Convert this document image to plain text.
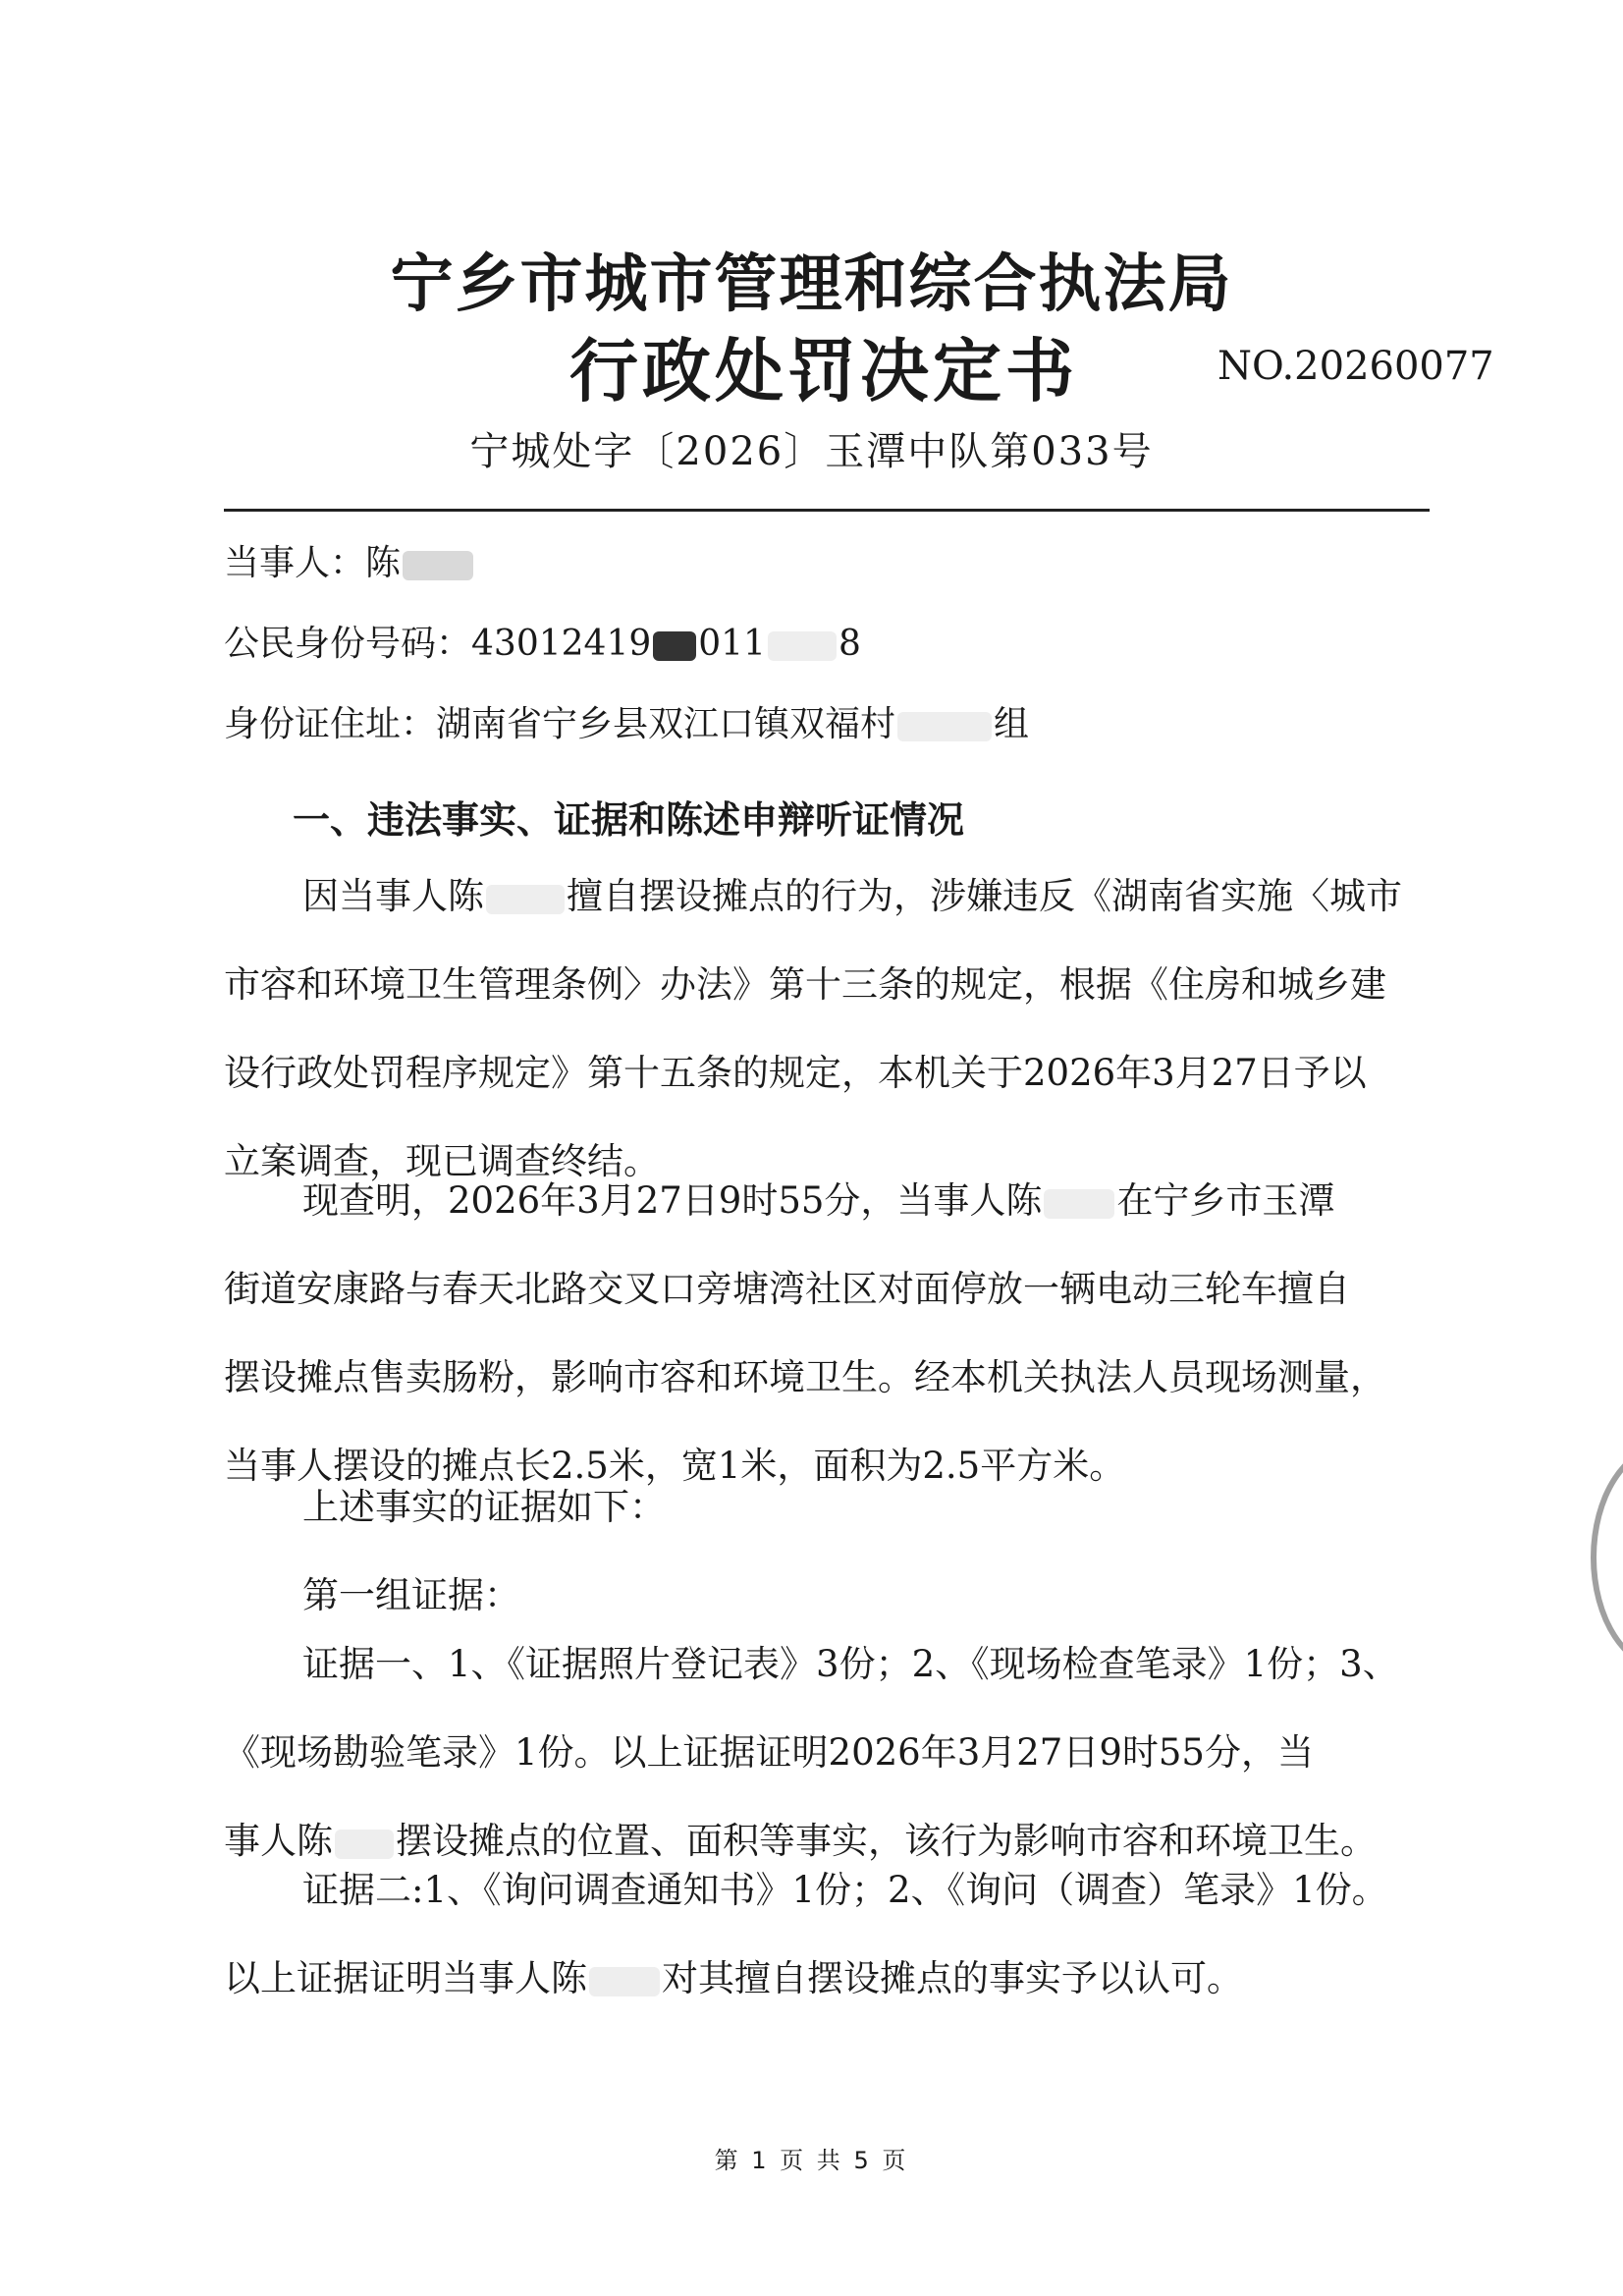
宁乡市城市管理和综合执法局
行政处罚决定书	NO.20260077
宁城处字〔2026〕玉潭中队第033号
当事人：陈
公民身份号码：43012419 011 8
身份证住址：湖南省宁乡县双江口镇双福村	组
一、违法事实、证据和陈述申辩听证情况
因当事人陈 擅自摆设摊点的行为，涉嫌违反《湖南省实施〈城市
市容和环境卫生管理条例〉办法》第十三条的规定，根据《住房和城乡建
设行政处罚程序规定》第十五条的规定，本机关于2026年3月27日予以
立案调查，现已调查终结。
现查明，2026年3月27日9时55分，当事人陈 在宁乡市玉潭
街道安康路与春天北路交叉口旁塘湾社区对面停放一辆电动三轮车擅自
摆设摊点售卖肠粉，影响市容和环境卫生。经本机关执法人员现场测量，
当事人摆设的摊点长2.5米，宽1米，面积为2.5平方米。
上述事实的证据如下：
第一组证据：
证据一、1、《证据照片登记表》3份；2、《现场检查笔录》1份；3、
《现场勘验笔录》1份。以上证据证明2026年3月27日9时55分，当
事人陈 摆设摊点的位置、面积等事实，该行为影响市容和环境卫生。
证据二:1、《询问调查通知书》1份；2、《询问（调查）笔录》1份。
以上证据证明当事人陈 对其擅自摆设摊点的事实予以认可。
第 1 页 共 5 页
